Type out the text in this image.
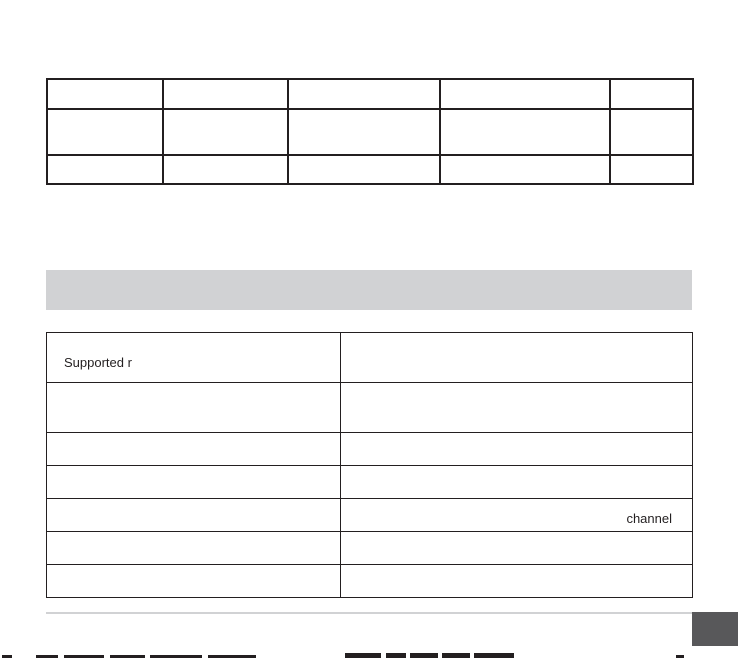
Supported r	

	channel
